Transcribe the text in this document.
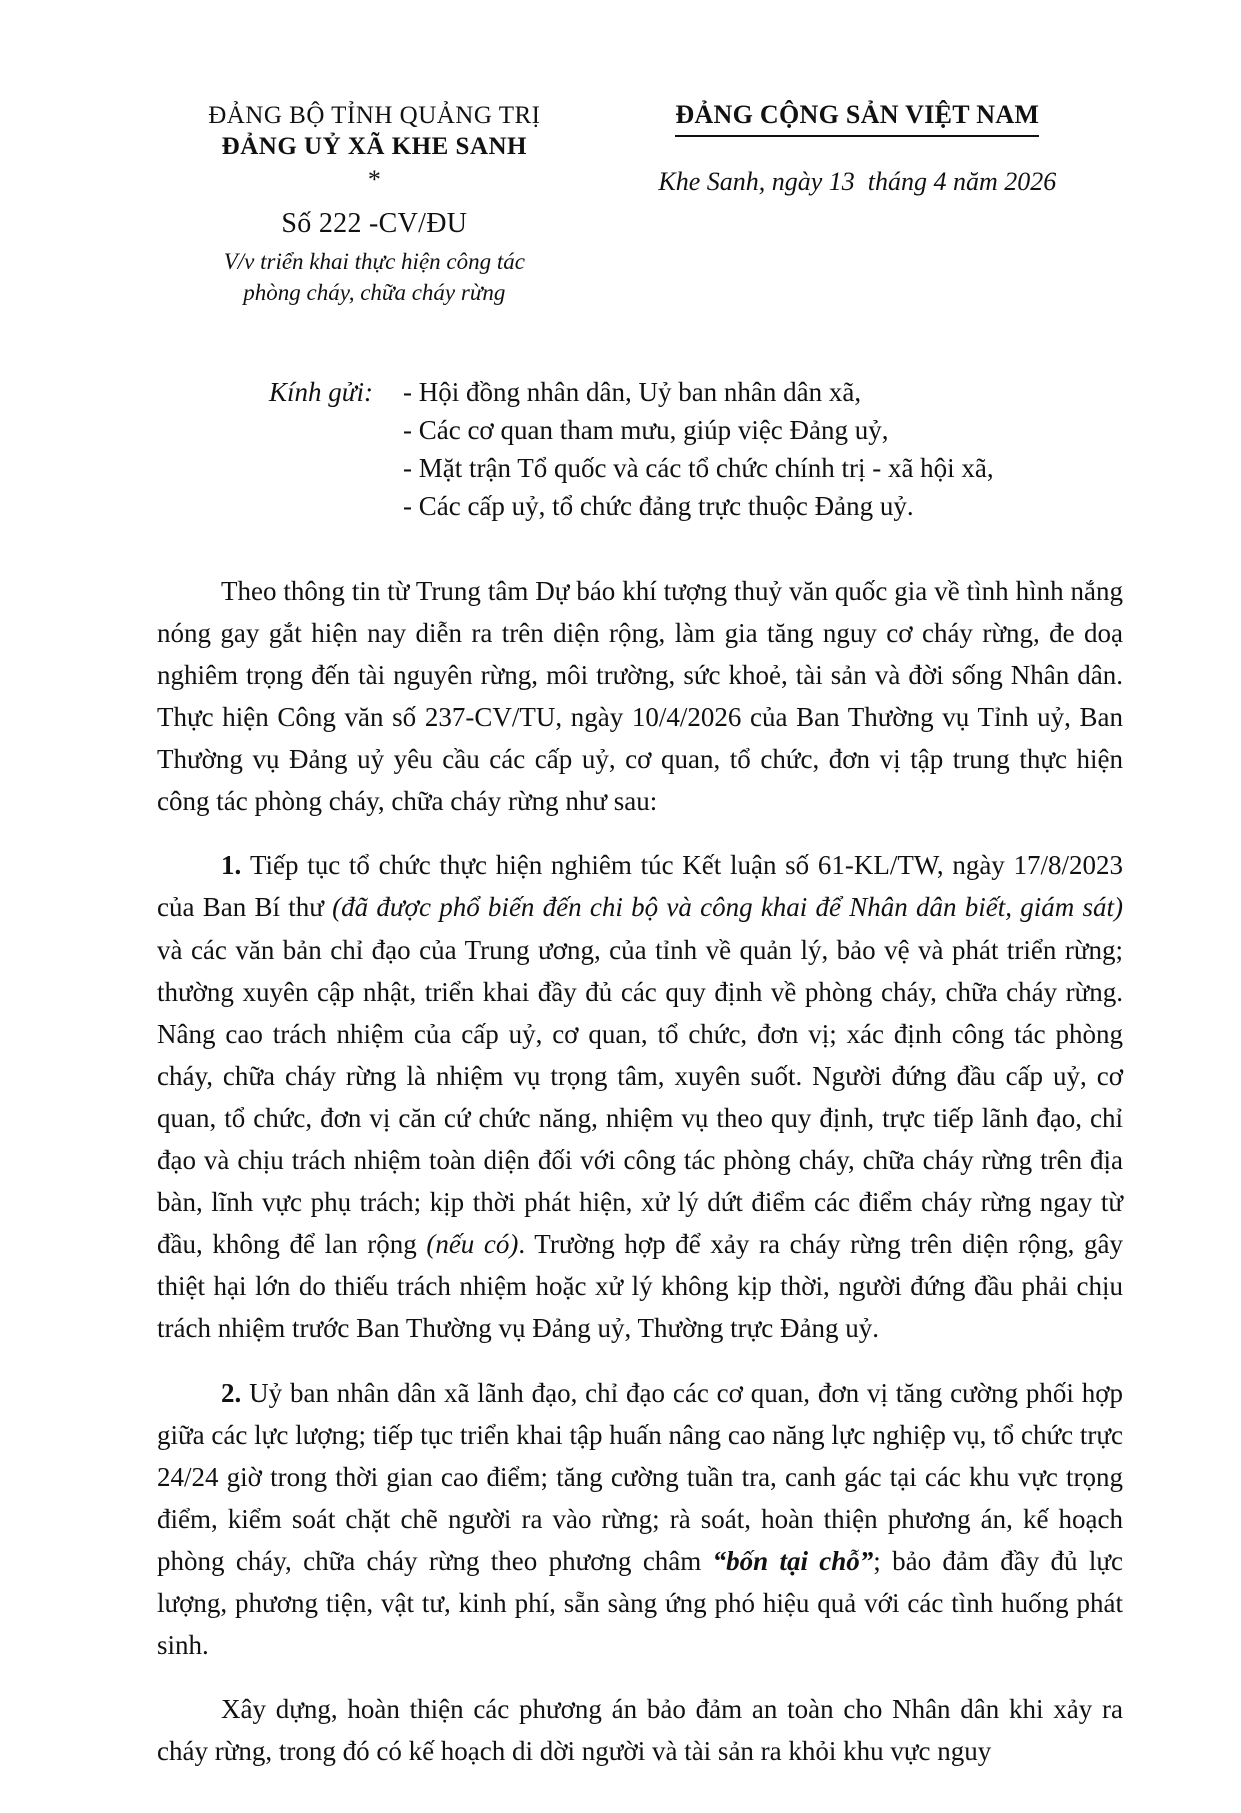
ĐẢNG BỘ TỈNH QUẢNG TRỊ
ĐẢNG UỶ XÃ KHE SANH
*
Số 222 -CV/ĐU
V/v triển khai thực hiện công tác
phòng cháy, chữa cháy rừng
ĐẢNG CỘNG SẢN VIỆT NAM
Khe Sanh, ngày 13  tháng 4 năm 2026
Kính gửi: - Hội đồng nhân dân, Uỷ ban nhân dân xã,
- Các cơ quan tham mưu, giúp việc Đảng uỷ,
- Mặt trận Tổ quốc và các tổ chức chính trị - xã hội xã,
- Các cấp uỷ, tổ chức đảng trực thuộc Đảng uỷ.

Theo thông tin từ Trung tâm Dự báo khí tượng thuỷ văn quốc gia về tình hình nắng nóng gay gắt hiện nay diễn ra trên diện rộng, làm gia tăng nguy cơ cháy rừng, đe doạ nghiêm trọng đến tài nguyên rừng, môi trường, sức khoẻ, tài sản và đời sống Nhân dân. Thực hiện Công văn số 237-CV/TU, ngày 10/4/2026 của Ban Thường vụ Tỉnh uỷ, Ban Thường vụ Đảng uỷ yêu cầu các cấp uỷ, cơ quan, tổ chức, đơn vị tập trung thực hiện công tác phòng cháy, chữa cháy rừng như sau:

1. Tiếp tục tổ chức thực hiện nghiêm túc Kết luận số 61-KL/TW, ngày 17/8/2023 của Ban Bí thư (đã được phổ biến đến chi bộ và công khai để Nhân dân biết, giám sát) và các văn bản chỉ đạo của Trung ương, của tỉnh về quản lý, bảo vệ và phát triển rừng; thường xuyên cập nhật, triển khai đầy đủ các quy định về phòng cháy, chữa cháy rừng. Nâng cao trách nhiệm của cấp uỷ, cơ quan, tổ chức, đơn vị; xác định công tác phòng cháy, chữa cháy rừng là nhiệm vụ trọng tâm, xuyên suốt. Người đứng đầu cấp uỷ, cơ quan, tổ chức, đơn vị căn cứ chức năng, nhiệm vụ theo quy định, trực tiếp lãnh đạo, chỉ đạo và chịu trách nhiệm toàn diện đối với công tác phòng cháy, chữa cháy rừng trên địa bàn, lĩnh vực phụ trách; kịp thời phát hiện, xử lý dứt điểm các điểm cháy rừng ngay từ đầu, không để lan rộng (nếu có). Trường hợp để xảy ra cháy rừng trên diện rộng, gây thiệt hại lớn do thiếu trách nhiệm hoặc xử lý không kịp thời, người đứng đầu phải chịu trách nhiệm trước Ban Thường vụ Đảng uỷ, Thường trực Đảng uỷ.

2. Uỷ ban nhân dân xã lãnh đạo, chỉ đạo các cơ quan, đơn vị tăng cường phối hợp giữa các lực lượng; tiếp tục triển khai tập huấn nâng cao năng lực nghiệp vụ, tổ chức trực 24/24 giờ trong thời gian cao điểm; tăng cường tuần tra, canh gác tại các khu vực trọng điểm, kiểm soát chặt chẽ người ra vào rừng; rà soát, hoàn thiện phương án, kế hoạch phòng cháy, chữa cháy rừng theo phương châm “bốn tại chỗ”; bảo đảm đầy đủ lực lượng, phương tiện, vật tư, kinh phí, sẵn sàng ứng phó hiệu quả với các tình huống phát sinh.

Xây dựng, hoàn thiện các phương án bảo đảm an toàn cho Nhân dân khi xảy ra cháy rừng, trong đó có kế hoạch di dời người và tài sản ra khỏi khu vực nguy
